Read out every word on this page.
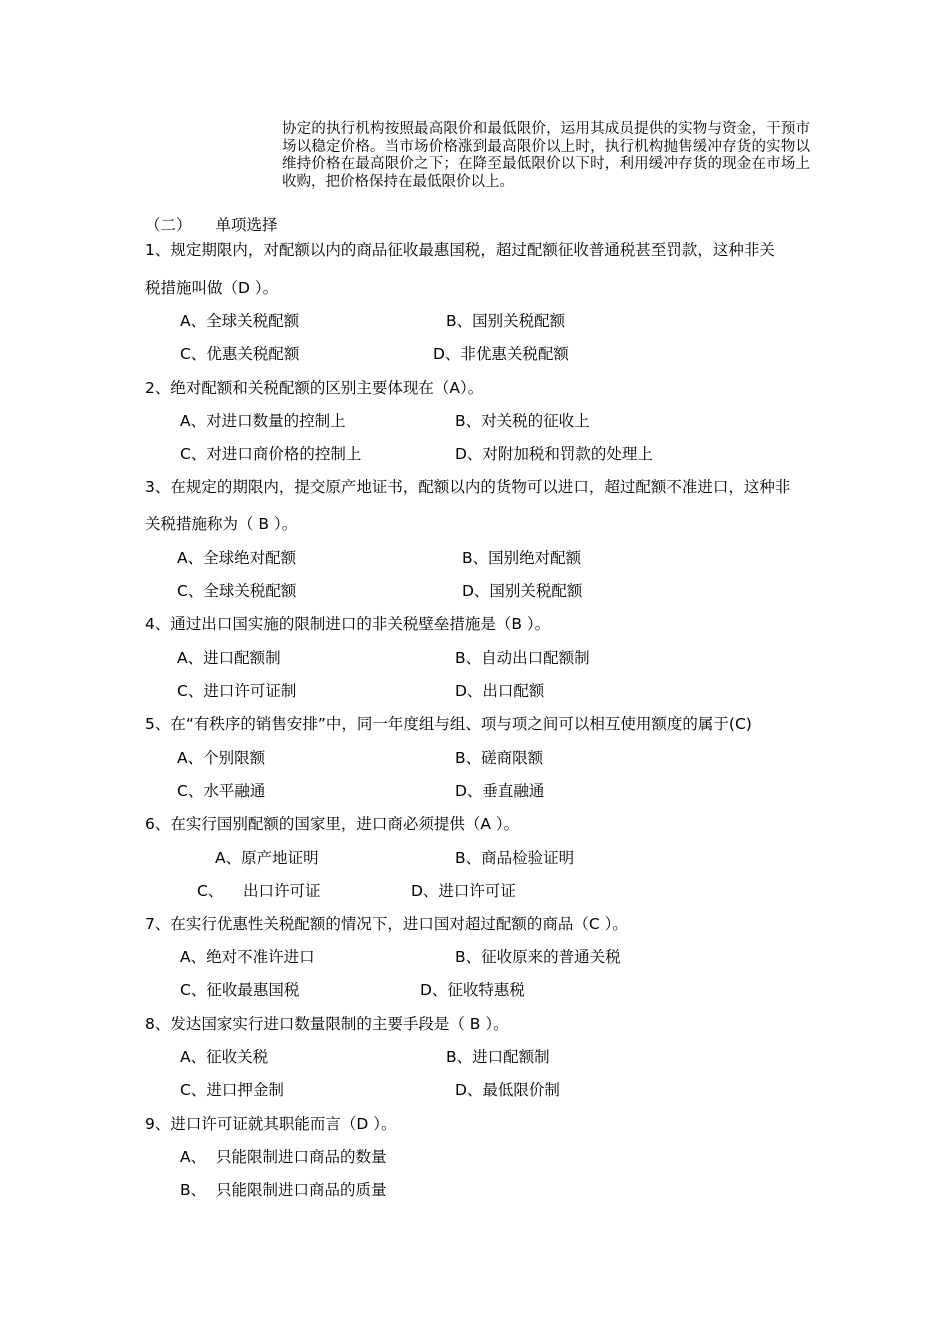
协定的执行机构按照最高限价和最低限价，运用其成员提供的实物与资金，干预市场以稳定价格。当市场价格涨到最高限价以上时，执行机构抛售缓冲存货的实物以维持价格在最高限价之下；在降至最低限价以下时，利用缓冲存货的现金在市场上收购，把价格保持在最低限价以上。
（二） 单项选择
1、规定期限内，对配额以内的商品征收最惠国税，超过配额征收普通税甚至罚款，这种非关
税措施叫做（D ）。
A、全球关税配额	B、国别关税配额
C、优惠关税配额	D、非优惠关税配额
2、绝对配额和关税配额的区别主要体现在（A）。
A、对进口数量的控制上	B、对关税的征收上
C、对进口商价格的控制上	D、对附加税和罚款的处理上
3、在规定的期限内，提交原产地证书，配额以内的货物可以进口，超过配额不准进口，这种非
关税措施称为（ B ）。
A、全球绝对配额	B、国别绝对配额
C、全球关税配额	D、国别关税配额
4、通过出口国实施的限制进口的非关税壁垒措施是（B ）。
A、进口配额制	B、自动出口配额制
C、进口许可证制	D、出口配额
5、在“有秩序的销售安排”中，同一年度组与组、项与项之间可以相互使用额度的属于(C)
A、个别限额	B、磋商限额
C、水平融通	D、垂直融通
6、在实行国别配额的国家里，进口商必须提供（A ）。
A、原产地证明	B、商品检验证明
C、    出口许可证	D、进口许可证
7、在实行优惠性关税配额的情况下，进口国对超过配额的商品（C ）。
A、绝对不准许进口	B、征收原来的普通关税
C、征收最惠国税	D、征收特惠税
8、发达国家实行进口数量限制的主要手段是（ B ）。
A、征收关税	B、进口配额制
C、进口押金制	D、最低限价制
9、进口许可证就其职能而言（D ）。
A、  只能限制进口商品的数量
B、  只能限制进口商品的质量
